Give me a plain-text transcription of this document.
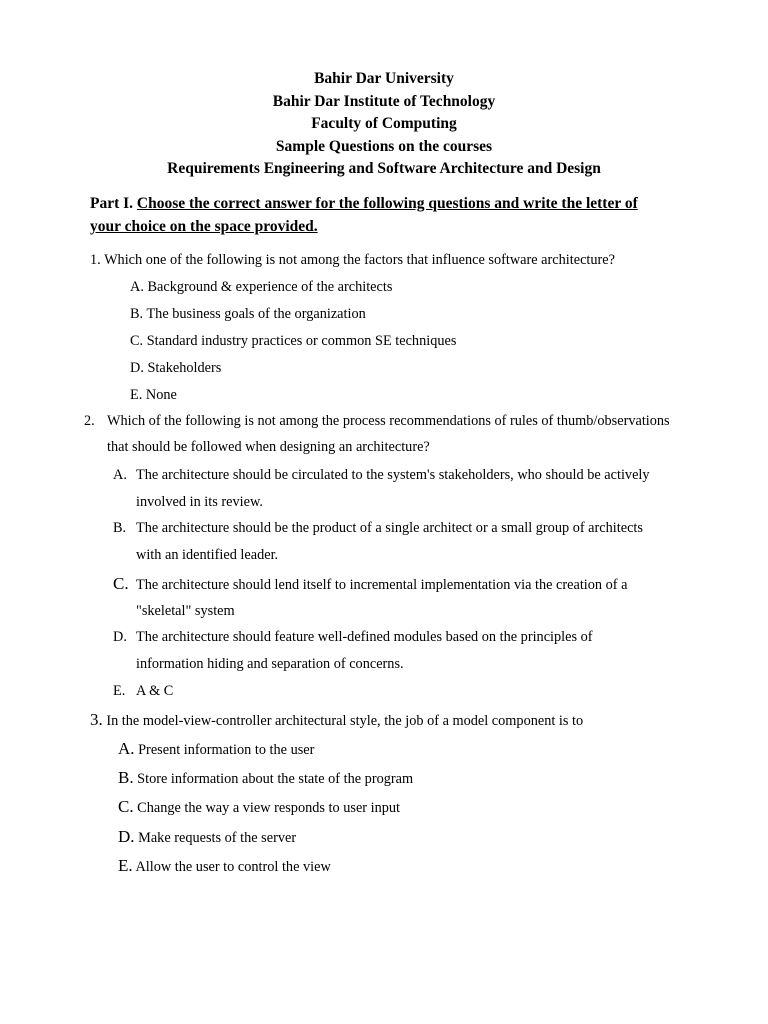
Bahir Dar University
Bahir Dar Institute of Technology
Faculty of Computing
Sample Questions on the courses
Requirements Engineering and Software Architecture and Design
Part I. Choose the correct answer for the following questions and write the letter of
your choice on the space provided.
1. Which one of the following is not among the factors that influence software architecture?
A. Background & experience of the architects
B. The business goals of the organization
C. Standard industry practices or common SE techniques
D. Stakeholders
E. None
2. Which of the following is not among the process recommendations of rules of thumb/observations
that should be followed when designing an architecture?
A. The architecture should be circulated to the system's stakeholders, who should be actively
involved in its review.
B. The architecture should be the product of a single architect or a small group of architects
with an identified leader.
C. The architecture should lend itself to incremental implementation via the creation of a
"skeletal" system
D. The architecture should feature well-defined modules based on the principles of
information hiding and separation of concerns.
E. A & C
3. In the model-view-controller architectural style, the job of a model component is to
A. Present information to the user
B. Store information about the state of the program
C. Change the way a view responds to user input
D. Make requests of the server
E. Allow the user to control the view
